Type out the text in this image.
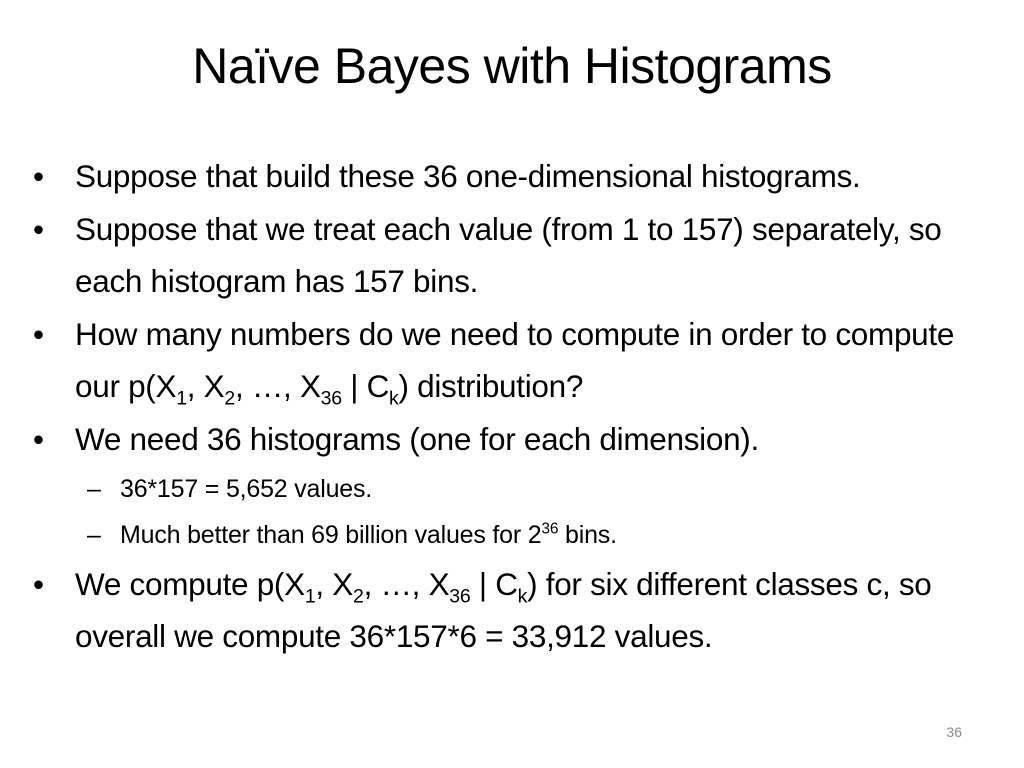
Naïve Bayes with Histograms
• Suppose that build these 36 one-dimensional histograms.
• Suppose that we treat each value (from 1 to 157) separately, so each histogram has 157 bins.
• How many numbers do we need to compute in order to compute our $p(X_1$, $X_2$, …, $X_{36}$ | $C_k$) distribution?
• We need 36 histograms (one for each dimension).
– 36*157 = 5,652 values.
– Much better than 69 billion values for $2^{36}$ bins.
• We compute $p(X_1$, $X_2$, …, $X_{36}$ | $C_k$) for six different classes c, so overall we compute 36*157*6 = 33,912 values.
36
